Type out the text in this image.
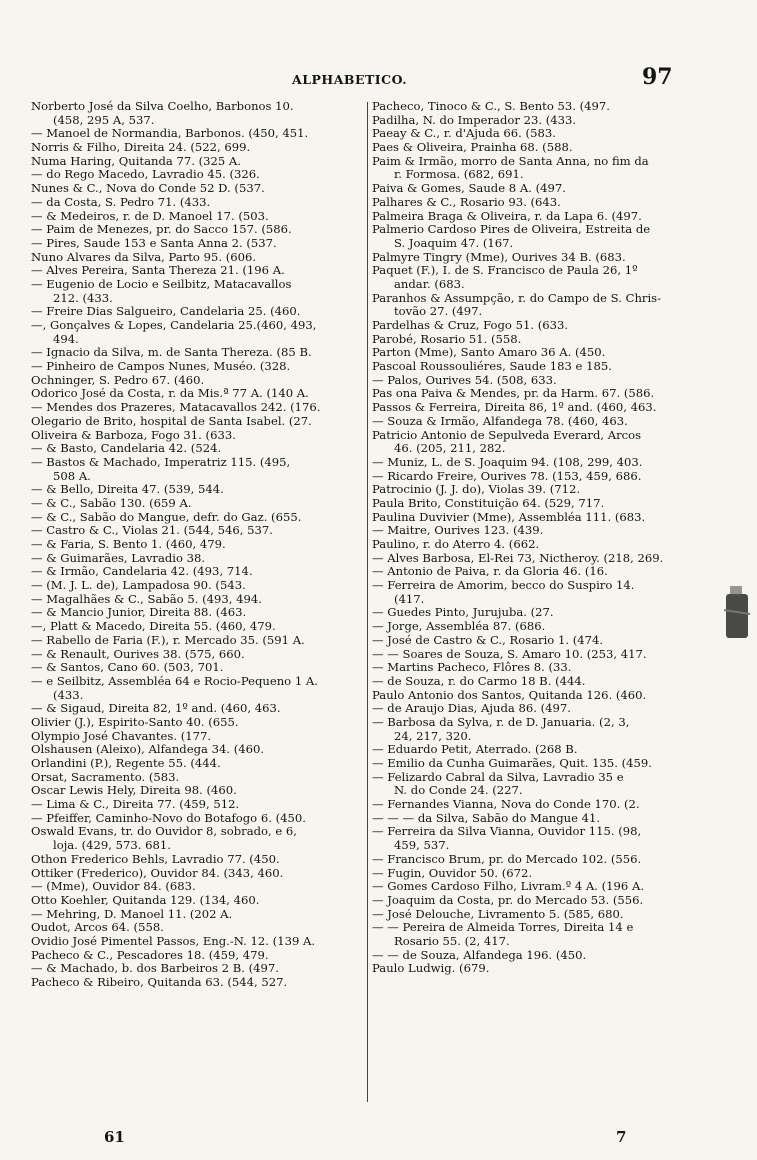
ALPHABETICO.	97
Norberto José da Silva Coelho, Barbonos 10.
(458, 295 A, 537.
— Manoel de Normandia, Barbonos. (450, 451.
Norris & Filho, Direita 24. (522, 699.
Numa Haring, Quitanda 77. (325 A.
— do Rego Macedo, Lavradio 45. (326.
Nunes & C., Nova do Conde 52 D. (537.
— da Costa, S. Pedro 71. (433.
— & Medeiros, r. de D. Manoel 17. (503.
— Paim de Menezes, pr. do Sacco 157. (586.
— Pires, Saude 153 e Santa Anna 2. (537.
Nuno Alvares da Silva, Parto 95. (606.
— Alves Pereira, Santa Thereza 21. (196 A.
— Eugenio de Locio e Seilbitz, Matacavallos
212. (433.
— Freire Dias Salgueiro, Candelaria 25. (460.
—, Gonçalves & Lopes, Candelaria 25.(460, 493,
494.
— Ignacio da Silva, m. de Santa Thereza. (85 B.
— Pinheiro de Campos Nunes, Muséo. (328.
Ochninger, S. Pedro 67. (460.
Odorico José da Costa, r. da Mis.ª 77 A. (140 A.
— Mendes dos Prazeres, Matacavallos 242. (176.
Olegario de Brito, hospital de Santa Isabel. (27.
Oliveira & Barboza, Fogo 31. (633.
— & Basto, Candelaria 42. (524.
— Bastos & Machado, Imperatriz 115. (495,
508 A.
— & Bello, Direita 47. (539, 544.
— & C., Sabão 130. (659 A.
— & C., Sabão do Mangue, defr. do Gaz. (655.
— Castro & C., Violas 21. (544, 546, 537.
— & Faria, S. Bento 1. (460, 479.
— & Guimarães, Lavradio 38.
— & Irmão, Candelaria 42. (493, 714.
— (M. J. L. de), Lampadosa 90. (543.
— Magalhães & C., Sabão 5. (493, 494.
— & Mancio Junior, Direita 88. (463.
—, Platt & Macedo, Direita 55. (460, 479.
— Rabello de Faria (F.), r. Mercado 35. (591 A.
— & Renault, Ourives 38. (575, 660.
— & Santos, Cano 60. (503, 701.
— e Seilbitz, Assembléa 64 e Rocio-Pequeno 1 A.
(433.
— & Sigaud, Direita 82, 1º and. (460, 463.
Olivier (J.), Espirito-Santo 40. (655.
Olympio José Chavantes. (177.
Olshausen (Aleixo), Alfandega 34. (460.
Orlandini (P.), Regente 55. (444.
Orsat, Sacramento. (583.
Oscar Lewis Hely, Direita 98. (460.
— Lima & C., Direita 77. (459, 512.
— Pfeiffer, Caminho-Novo do Botafogo 6. (450.
Oswald Evans, tr. do Ouvidor 8, sobrado, e 6,
loja. (429, 573. 681.
Othon Frederico Behls, Lavradio 77. (450.
Ottiker (Frederico), Ouvidor 84. (343, 460.
— (Mme), Ouvidor 84. (683.
Otto Koehler, Quitanda 129. (134, 460.
— Mehring, D. Manoel 11. (202 A.
Oudot, Arcos 64. (558.
Ovidio José Pimentel Passos, Eng.-N. 12. (139 A.
Pacheco & C., Pescadores 18. (459, 479.
— & Machado, b. dos Barbeiros 2 B. (497.
Pacheco & Ribeiro, Quitanda 63. (544, 527.
Pacheco, Tinoco & C., S. Bento 53. (497.
Padilha, N. do Imperador 23. (433.
Paeay & C., r. d'Ajuda 66. (583.
Paes & Oliveira, Prainha 68. (588.
Paim & Irmão, morro de Santa Anna, no fim da
r. Formosa. (682, 691.
Paiva & Gomes, Saude 8 A. (497.
Palhares & C., Rosario 93. (643.
Palmeira Braga & Oliveira, r. da Lapa 6. (497.
Palmerio Cardoso Pires de Oliveira, Estreita de
S. Joaquim 47. (167.
Palmyre Tingry (Mme), Ourives 34 B. (683.
Paquet (F.), I. de S. Francisco de Paula 26, 1º
andar. (683.
Paranhos & Assumpção, r. do Campo de S. Chris-
tovão 27. (497.
Pardelhas & Cruz, Fogo 51. (633.
Parobé, Rosario 51. (558.
Parton (Mme), Santo Amaro 36 A. (450.
Pascoal Roussouliéres, Saude 183 e 185.
— Palos, Ourives 54. (508, 633.
Pas ona Paiva & Mendes, pr. da Harm. 67. (586.
Passos & Ferreira, Direita 86, 1º and. (460, 463.
— Souza & Irmão, Alfandega 78. (460, 463.
Patricio Antonio de Sepulveda Everard, Arcos
46. (205, 211, 282.
— Muniz, L. de S. Joaquim 94. (108, 299, 403.
— Ricardo Freire, Ourives 78. (153, 459, 686.
Patrocinio (J. J. do), Violas 39. (712.
Paula Brito, Constituição 64. (529, 717.
Paulina Duvivier (Mme), Assembléa 111. (683.
— Maitre, Ourives 123. (439.
Paulino, r. do Aterro 4. (662.
— Alves Barbosa, El-Rei 73, Nictheroy. (218, 269.
— Antonio de Paiva, r. da Gloria 46. (16.
— Ferreira de Amorim, becco do Suspiro 14.
(417.
— Guedes Pinto, Jurujuba. (27.
— Jorge, Assembléa 87. (686.
— José de Castro & C., Rosario 1. (474.
— — Soares de Souza, S. Amaro 10. (253, 417.
— Martins Pacheco, Flôres 8. (33.
— de Souza, r. do Carmo 18 B. (444.
Paulo Antonio dos Santos, Quitanda 126. (460.
— de Araujo Dias, Ajuda 86. (497.
— Barbosa da Sylva, r. de D. Januaria. (2, 3,
24, 217, 320.
— Eduardo Petit, Aterrado. (268 B.
— Emilio da Cunha Guimarães, Quit. 135. (459.
— Felizardo Cabral da Silva, Lavradio 35 e
N. do Conde 24. (227.
— Fernandes Vianna, Nova do Conde 170. (2.
— — — da Silva, Sabão do Mangue 41.
— Ferreira da Silva Vianna, Ouvidor 115. (98,
459, 537.
— Francisco Brum, pr. do Mercado 102. (556.
— Fugin, Ouvidor 50. (672.
— Gomes Cardoso Filho, Livram.º 4 A. (196 A.
— Joaquim da Costa, pr. do Mercado 53. (556.
— José Delouche, Livramento 5. (585, 680.
— — Pereira de Almeida Torres, Direita 14 e
Rosario 55. (2, 417.
— — de Souza, Alfandega 196. (450.
Paulo Ludwig. (679.
61	7
